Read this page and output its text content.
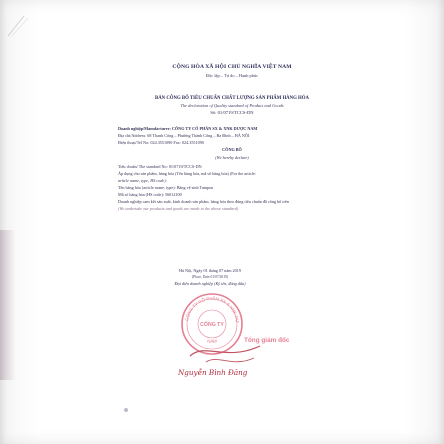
CỘNG HÒA XÃ HỘI CHỦ NGHĨA VIỆT NAM
Độc lập – Tự do – Hạnh phúc
BẢN CÔNG BỐ TIÊU CHUẨN CHẤT LƯỢNG SẢN PHẨM HÀNG HÓA
The declaration of Quality standard of Product and Goods
Số: 01/0719/TCCS-DN
Doanh nghiệp/Manufacturer: CÔNG TY CỔ PHẦN SX & XNK DƯỢC NAM
Địa chỉ/Address: 68 Thanh Công – Phường Thành Công – Ba Đình – HÀ NỘI
Điện thoại/Tel No: 024.3551090 Fax: 024.3551090
CÔNG BỐ
(We hereby declare)
Tiêu chuẩn/ The standard No: 01/0719/TCCS-DN
Áp dụng cho sản phẩm, hàng hóa (Tên hàng hóa, mã số hàng hóa) (For the article:
article name, type, HS code):
Tên hàng hóa (article name, type): Băng vệ sinh Tampon
Mã số hàng hóa (HS code): 56012100
Doanh nghiệp cam kết sản xuất, kinh doanh sản phẩm, hàng hóa theo đúng tiêu chuẩn đã công bố trên
(We undertake our products and goods are made to the above standard)
Hà Nội, Ngày 01 tháng 07 năm 2019
(Place, Date 01/07/2019)
Đại diện doanh nghiệp (Ký tên, đóng dấu)
CÔNG TY CỔ PHẦN SX & XNK DƯ
NAM
CÔNG TY
Tổng giám đốc
Nguyễn Bình Đăng
